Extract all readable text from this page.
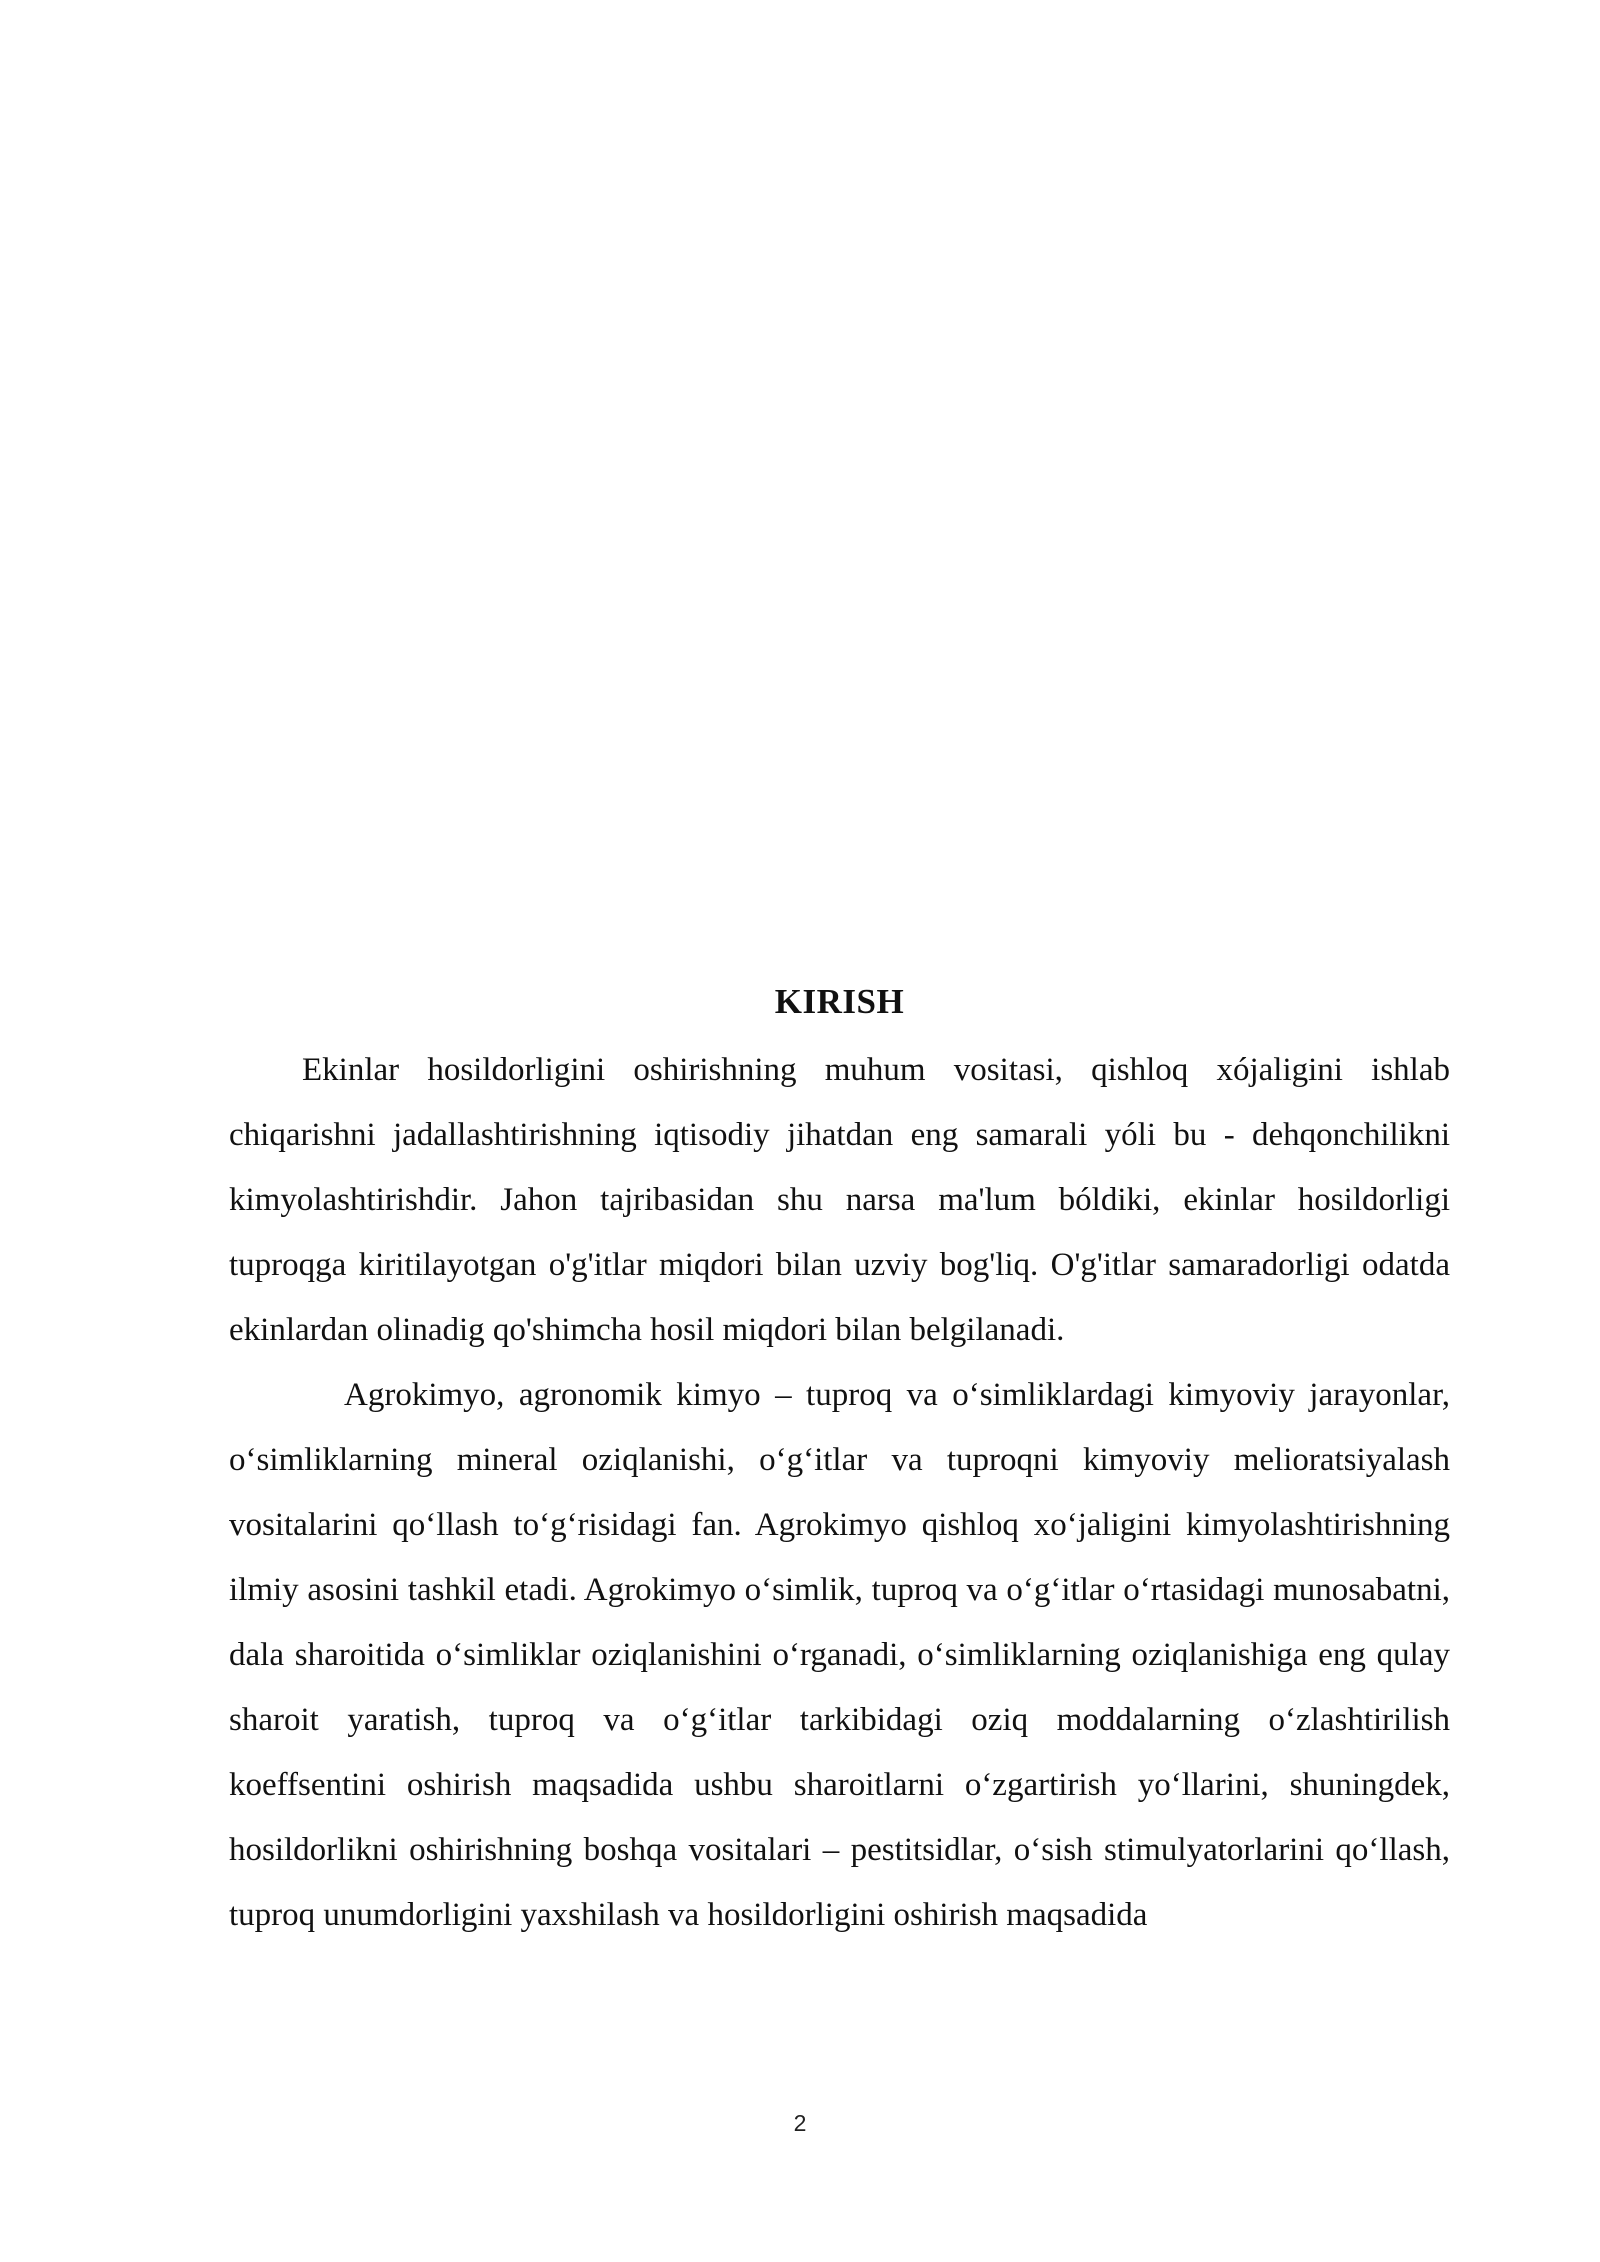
KIRISH

Ekinlar hosildorligini oshirishning muhum vositasi, qishloq xójaligini ishlab chiqarishni jadallashtirishning iqtisodiy jihatdan eng samarali yóli bu - dehqonchilikni kimyolashtirishdir. Jahon tajribasidan shu narsa ma'lum bóldiki, ekinlar hosildorligi tuproqga kiritilayotgan o'g'itlar miqdori bilan uzviy bog'liq. O'g'itlar samaradorligi odatda ekinlardan olinadig qo'shimcha hosil miqdori bilan belgilanadi.

Agrokimyo, agronomik kimyo – tuproq va oʻsimliklardagi kimyoviy jarayonlar, oʻsimliklarning mineral oziqlanishi, oʻgʻitlar va tuproqni kimyoviy melioratsiyalash vositalarini qoʻllash toʻgʻrisidagi fan. Agrokimyo qishloq xoʻjaligini kimyolashtirishning ilmiy asosini tashkil etadi. Agrokimyo oʻsimlik, tuproq va oʻgʻitlar oʻrtasidagi munosabatni, dala sharoitida oʻsimliklar oziqlanishini oʻrganadi, oʻsimliklarning oziqlanishiga eng qulay sharoit yaratish, tuproq va oʻgʻitlar tarkibidagi oziq moddalarning oʻzlashtirilish koeffsentini oshirish maqsadida ushbu sharoitlarni oʻzgartirish yoʻllarini, shuningdek, hosildorlikni oshirishning boshqa vositalari – pestitsidlar, oʻsish stimulyatorlarini qoʻllash, tuproq unumdorligini yaxshilash va hosildorligini oshirish maqsadida

2
